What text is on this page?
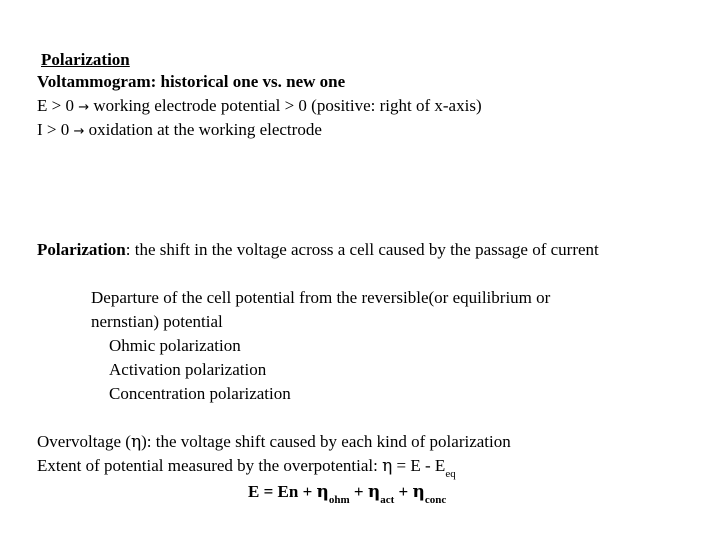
Polarization
Voltammogram: historical one vs. new one
E > 0 → working electrode potential > 0 (positive: right of x-axis)
I > 0 → oxidation at the working electrode
Polarization: the shift in the voltage across a cell caused by the passage of current
Departure of the cell potential from the reversible(or equilibrium or
nernstian) potential
Ohmic polarization
Activation polarization
Concentration polarization
Overvoltage (η): the voltage shift caused by each kind of polarization
Extent of potential measured by the overpotential: $\eta = E - E_{eq}$
$E = En + \eta_{ohm} + \eta_{act} + \eta_{conc}$
